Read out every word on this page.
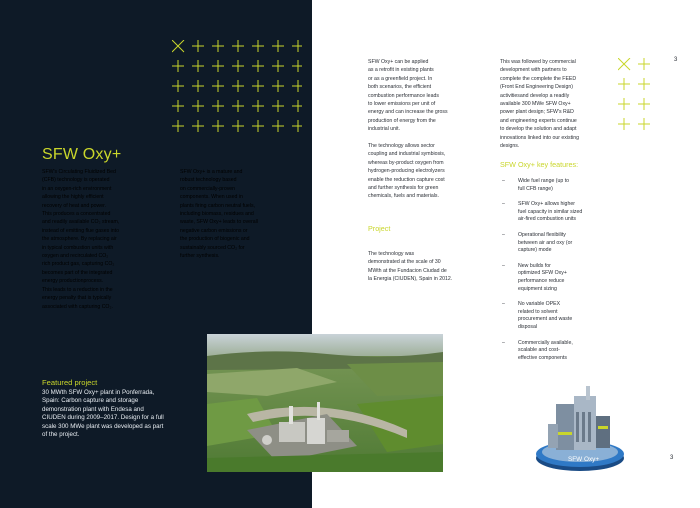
SFW Oxy+
SFW's Circulating Fluidized Bed
(CFB) technology is operated
in an oxygen-rich environment
allowing the highly efficient
recovery of heat and power.
This produces a concentrated
and readily available CO₂ stream,
instead of emitting flue gases into
the atmosphere. By replacing air
in typical combustion units with
oxygen and recirculated CO₂
rich product gas, capturing CO₂
becomes part of the integrated
energy productionprocess.
This leads to a reduction in the
energy penalty that is typically
associated with capturing CO₂.
SFW Oxy+ is a mature and
robust technology based
on commercially-proven
components. When used in
plants firing carbon neutral fuels,
including biomass, residues and
waste, SFW Oxy+ leads to overall
negative carbon emissions or
the production of biogenic and
sustainably sourced CO₂ for
further synthesis.
SFW Oxy+ can be applied
as a retrofit in existing plants
or as a greenfield project. In
both scenarios, the efficient
combustion performance leads
to lower emissions per unit of
energy and can increase the gross
production of energy from the
industrial unit.
The technology allows sector
coupling and industrial symbiosis,
whereas by-product oxygen from
hydrogen-producing electrolyzers
enable the reduction capture cost
and further synthesis for green
chemicals, fuels and materials.
Project
The technology was
demonstrated at the scale of 30
MWth at the Fundacion Ciudad de
la Energia (CIUDEN), Spain in 2012.
This was followed by commercial
development with partners to
complete the complete the FEED
(Front End Engineering Design)
activitiesand develop a readily
available 300 MWe SFW Oxy+
power plant design; SFW's R&D
and engineering experts continue
to develop the solution and adapt
innovations linked into our existing
designs.
SFW Oxy+ key features:
–	Wide fuel range (up to
full CFB range)
–	SFW Oxy+ allows higher
fuel capacity in similar sized
air-fired combustion units
–	Operational flexibility
between air and oxy (or
capture) mode
–	New builds for
optimized SFW Oxy+
performance reduce
equipment sizing
–	No variable OPEX
related to solvent
procurement and waste
disposal
–	Commercially available,
scalable and cost-
effective components
Featured project
30 MWth SFW Oxy+ plant in Ponferrada,
Spain: Carbon capture and storage
demonstration plant with Endesa and
CIUDEN during 2009–2017. Design for a full
scale 300 MWe plant was developed as part
of the project.
3
3
SFW Oxy+
